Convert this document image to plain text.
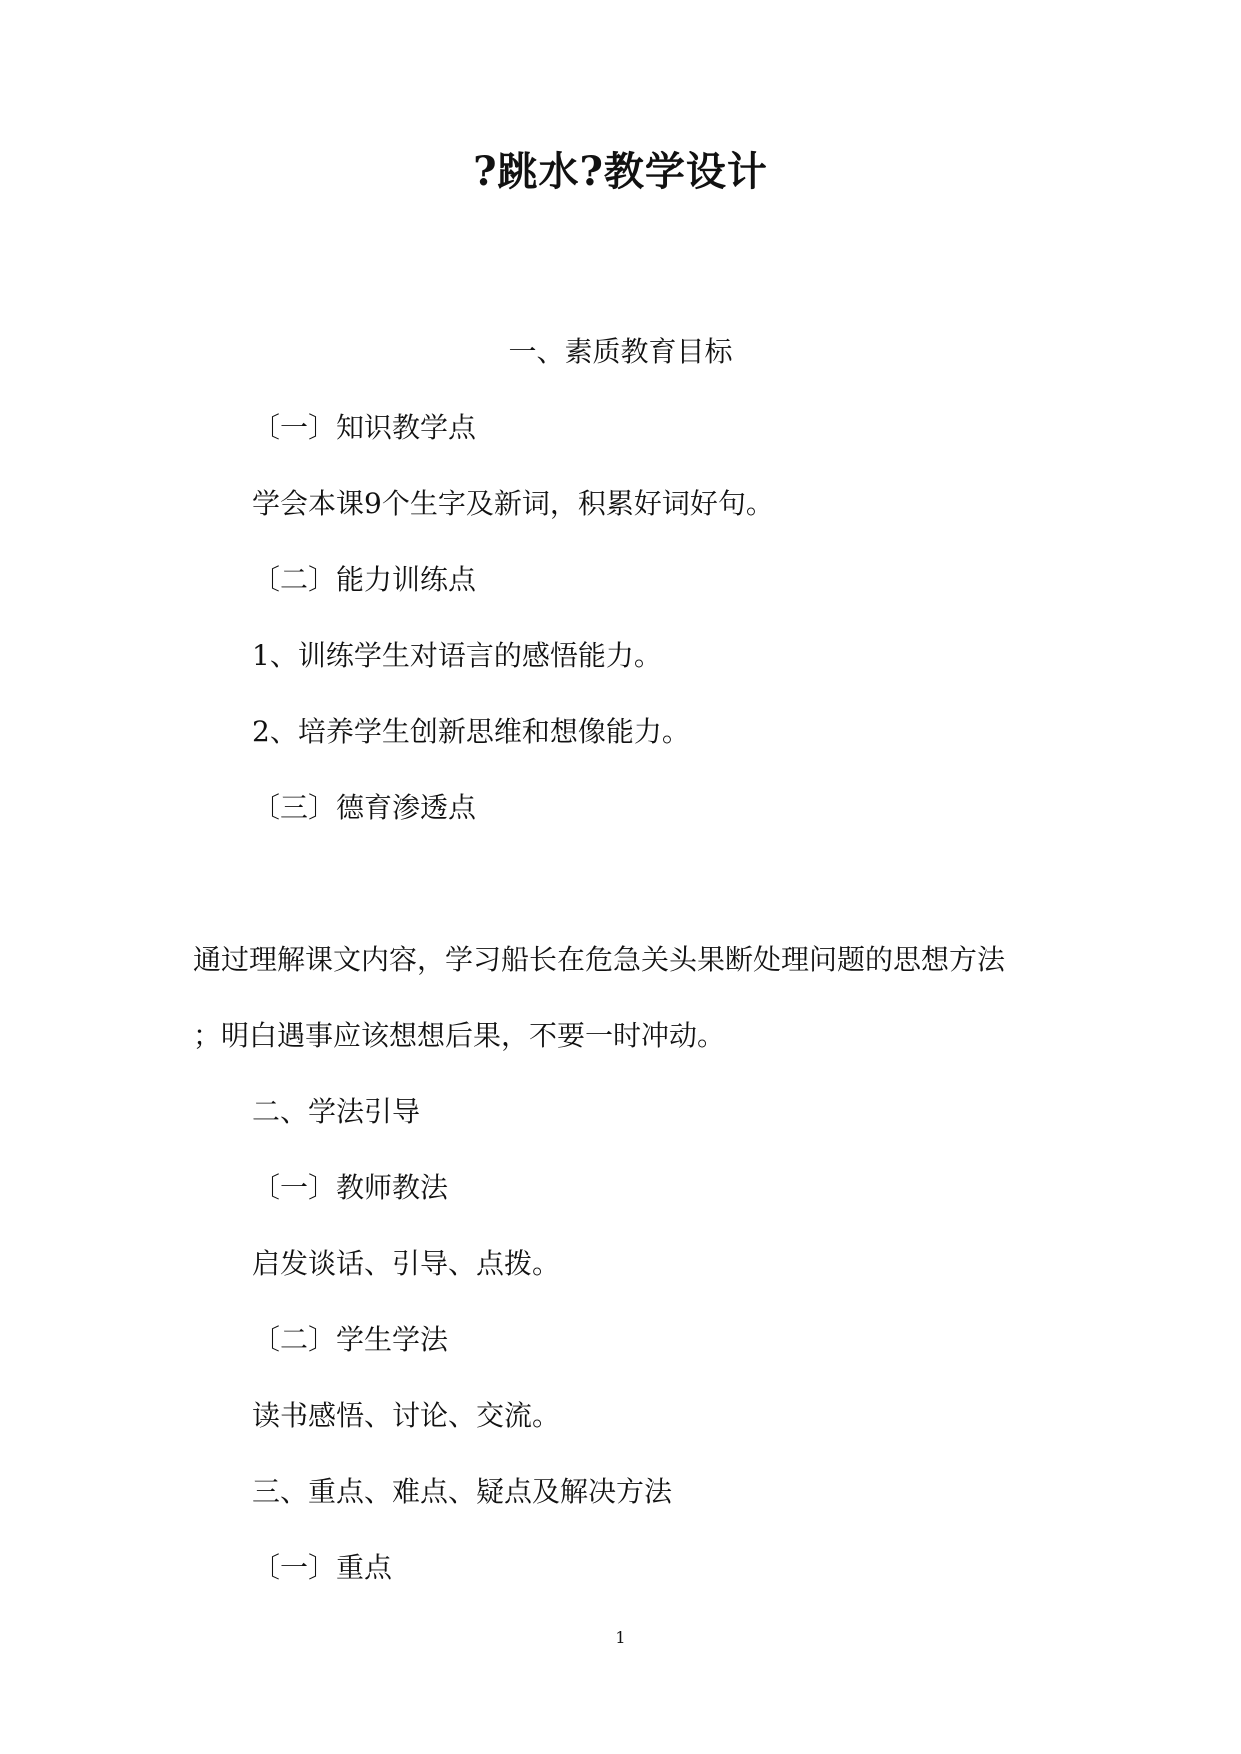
?跳水?教学设计
一、素质教育目标
〔一〕知识教学点
学会本课9个生字及新词，积累好词好句。
〔二〕能力训练点
1、训练学生对语言的感悟能力。
2、培养学生创新思维和想像能力。
〔三〕德育渗透点
通过理解课文内容，学习船长在危急关头果断处理问题的思想方法
；明白遇事应该想想后果，不要一时冲动。
二、学法引导
〔一〕教师教法
启发谈话、引导、点拨。
〔二〕学生学法
读书感悟、讨论、交流。
三、重点、难点、疑点及解决方法
〔一〕重点
1
